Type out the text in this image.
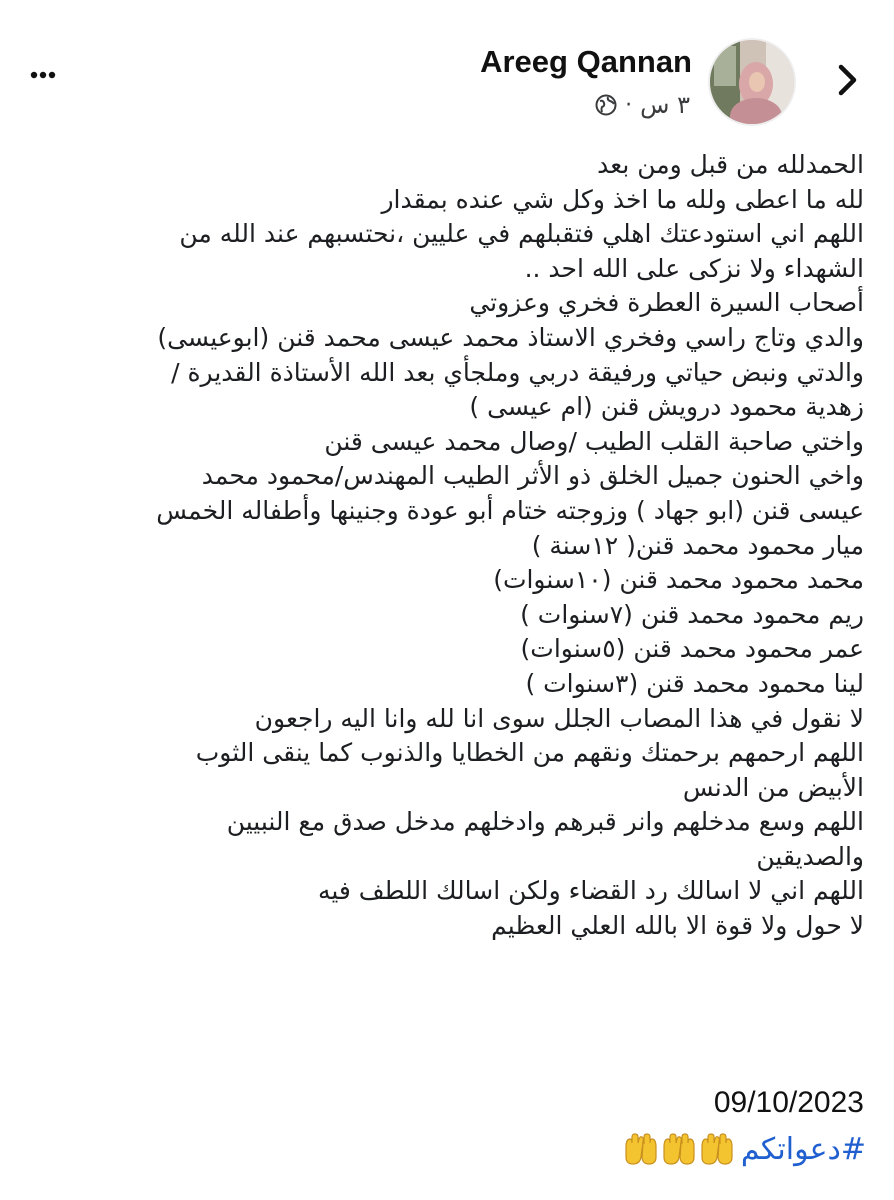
Areeg Qannan
· ٣ س

الحمدلله من قبل ومن بعد

لله ما اعطى ولله ما اخذ وكل شي عنده بمقدار

اللهم اني استودعتك اهلي فتقبلهم في عليين ،نحتسبهم عند الله من

الشهداء ولا نزكى على الله احد ..

أصحاب السيرة العطرة فخري وعزوتي

والدي وتاج راسي وفخري الاستاذ محمد عيسى محمد قنن (ابوعيسى)

والدتي ونبض حياتي ورفيقة دربي وملجأي بعد الله الأستاذة القديرة /

زهدية محمود درويش قنن (ام عيسى )

واختي صاحبة القلب الطيب /وصال محمد عيسى قنن

واخي الحنون جميل الخلق ذو الأثر الطيب المهندس/محمود محمد

عيسى قنن (ابو جهاد ) وزوجته ختام أبو عودة وجنينها وأطفاله الخمس

ميار محمود محمد قنن( ١٢سنة )

محمد محمود محمد قنن (١٠سنوات)

ريم محمود محمد قنن (٧سنوات )

عمر محمود محمد قنن (٥سنوات)

لينا محمود محمد قنن (٣سنوات )

لا نقول في هذا المصاب الجلل سوى انا لله وانا اليه راجعون

اللهم ارحمهم برحمتك ونقهم من الخطايا والذنوب كما ينقى الثوب

الأبيض من الدنس

اللهم وسع مدخلهم وانر قبرهم وادخلهم مدخل صدق مع النبيين

والصديقين

اللهم اني لا اسالك رد القضاء ولكن اسالك اللطف فيه

لا حول ولا قوة الا بالله العلي العظيم

09/10/2023
#دعواتكم
